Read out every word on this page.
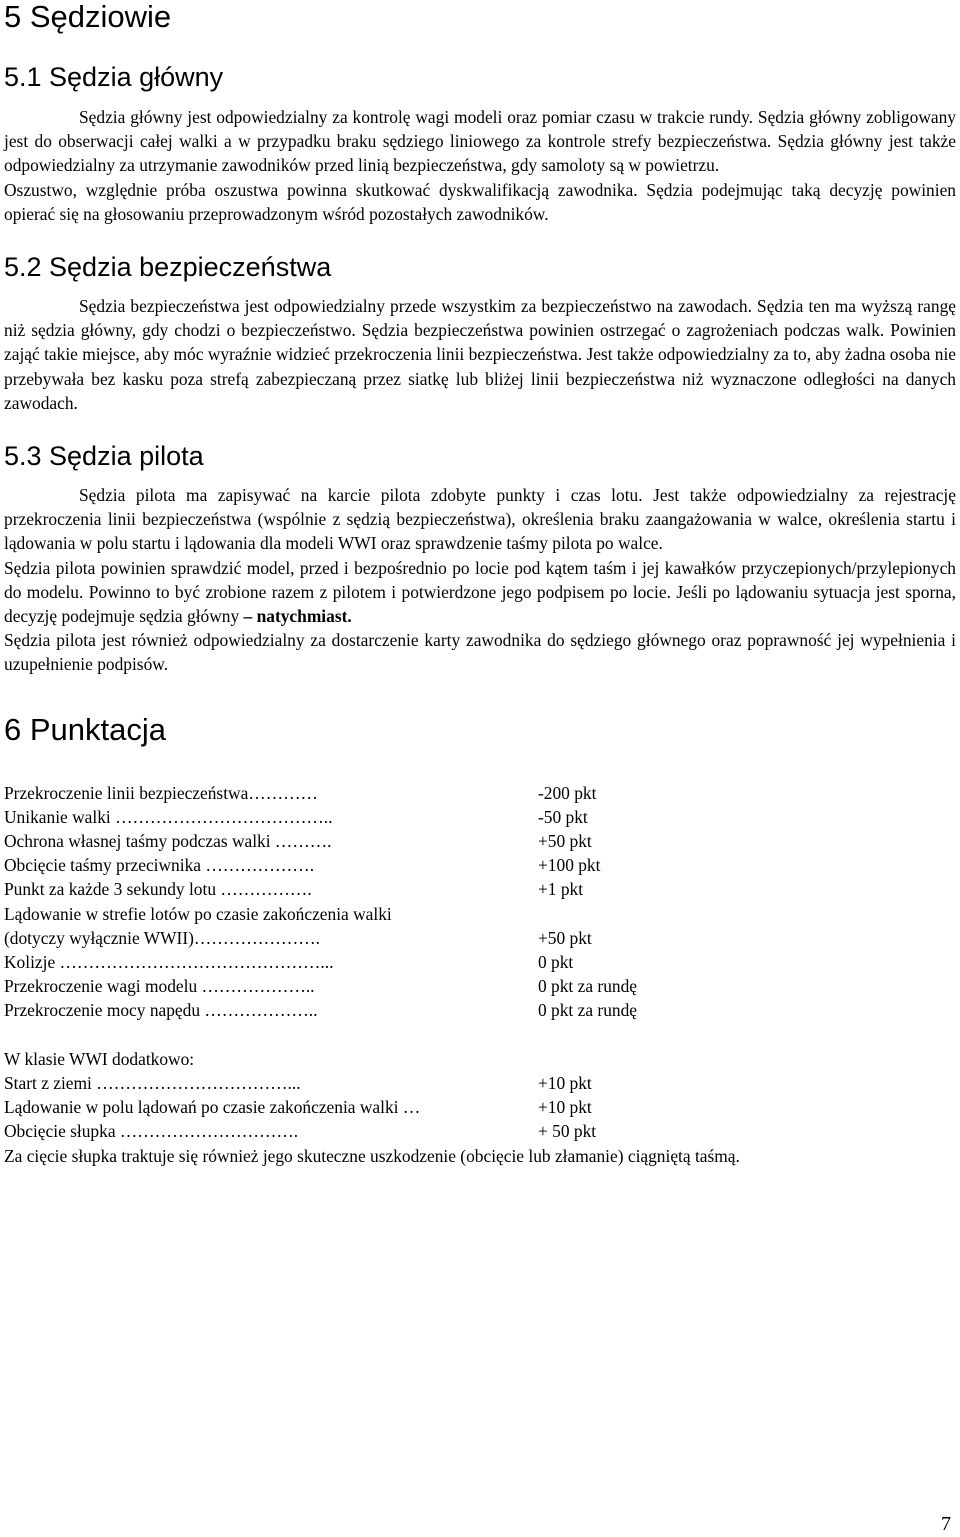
5 Sędziowie
5.1 Sędzia główny

Sędzia główny jest odpowiedzialny za kontrolę wagi modeli oraz pomiar czasu w trakcie rundy. Sędzia główny zobligowany jest do obserwacji całej walki a w przypadku braku sędziego liniowego za kontrole strefy bezpieczeństwa. Sędzia główny jest także odpowiedzialny za utrzymanie zawodników przed linią bezpieczeństwa, gdy samoloty są w powietrzu.

Oszustwo, względnie próba oszustwa powinna skutkować dyskwalifikacją zawodnika. Sędzia podejmując taką decyzję powinien opierać się na głosowaniu przeprowadzonym wśród pozostałych zawodników.

5.2 Sędzia bezpieczeństwa

Sędzia bezpieczeństwa jest odpowiedzialny przede wszystkim za bezpieczeństwo na zawodach. Sędzia ten ma wyższą rangę niż sędzia główny, gdy chodzi o bezpieczeństwo. Sędzia bezpieczeństwa powinien ostrzegać o zagrożeniach podczas walk. Powinien zająć takie miejsce, aby móc wyraźnie widzieć przekroczenia linii bezpieczeństwa. Jest także odpowiedzialny za to, aby żadna osoba nie przebywała bez kasku poza strefą zabezpieczaną przez siatkę lub bliżej linii bezpieczeństwa niż wyznaczone odległości na danych zawodach.

5.3 Sędzia pilota

Sędzia pilota ma zapisywać na karcie pilota zdobyte punkty i czas lotu. Jest także odpowiedzialny za rejestrację przekroczenia linii bezpieczeństwa (wspólnie z sędzią bezpieczeństwa), określenia braku zaangażowania w walce, określenia startu i lądowania w polu startu i lądowania dla modeli WWI oraz sprawdzenie taśmy pilota po walce.

Sędzia pilota powinien sprawdzić model, przed i bezpośrednio po locie pod kątem taśm i jej kawałków przyczepionych/przylepionych do modelu. Powinno to być zrobione razem z pilotem i potwierdzone jego podpisem po locie. Jeśli po lądowaniu sytuacja jest sporna, decyzję podejmuje sędzia główny – natychmiast.

Sędzia pilota jest również odpowiedzialny za dostarczenie karty zawodnika do sędziego głównego oraz poprawność jej wypełnienia i uzupełnienie podpisów.

6 Punktacja
Przekroczenie linii bezpieczeństwa…………	-200 pkt
Unikanie walki ………………………………..	-50 pkt
Ochrona własnej taśmy podczas walki ……….	+50 pkt
Obcięcie taśmy przeciwnika ……………….	+100 pkt
Punkt za każde 3 sekundy lotu …………….	+1 pkt
Lądowanie w strefie lotów po czasie zakończenia walki
(dotyczy wyłącznie WWII)………………….	+50 pkt
Kolizje ………………………………………...	0 pkt
Przekroczenie wagi modelu ………………..	0 pkt za rundę
Przekroczenie mocy napędu ………………..	0 pkt za rundę
W klasie WWI dodatkowo:
Start z ziemi ……………………………...	+10 pkt
Lądowanie w polu lądowań po czasie zakończenia walki …	+10 pkt
Obcięcie słupka ………………………….	+ 50 pkt
Za cięcie słupka traktuje się również jego skuteczne uszkodzenie (obcięcie lub złamanie) ciągniętą taśmą.
7
